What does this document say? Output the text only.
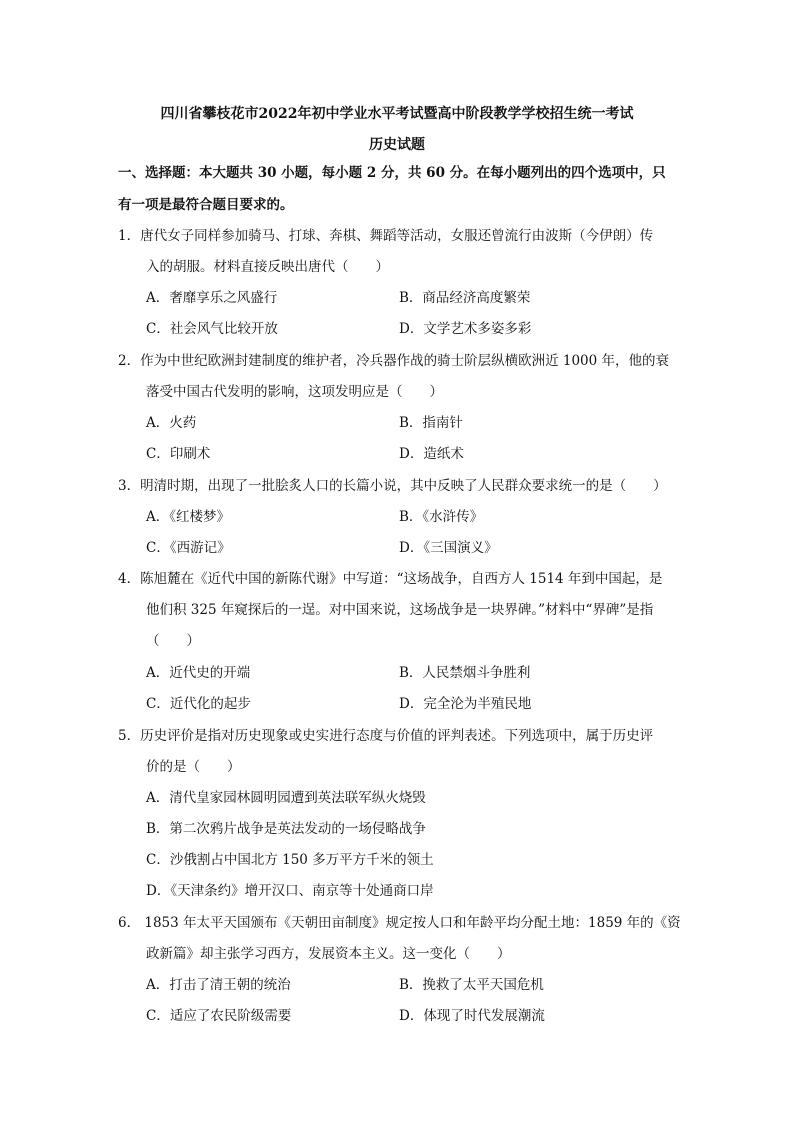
四川省攀枝花市2022年初中学业水平考试暨高中阶段教学学校招生统一考试
历史试题
一、选择题：本大题共 30 小题，每小题 2 分，共 60 分。在每小题列出的四个选项中，只
有一项是最符合题目要求的。
1．唐代女子同样参加骑马、打球、奔棋、舞蹈等活动，女服还曾流行由波斯（今伊朗）传
入的胡服。材料直接反映出唐代（　　）
A．奢靡享乐之风盛行	B．商品经济高度繁荣
C．社会风气比较开放	D．文学艺术多姿多彩
2．作为中世纪欧洲封建制度的维护者，冷兵器作战的骑士阶层纵横欧洲近 1000 年，他的衰
落受中国古代发明的影响，这项发明应是（　　）
A．火药	B．指南针
C．印刷术	D．造纸术
3．明清时期，出现了一批脍炙人口的长篇小说，其中反映了人民群众要求统一的是（　　）
A．《红楼梦》	B．《水浒传》
C．《西游记》	D．《三国演义》
4．陈旭麓在《近代中国的新陈代谢》中写道：“这场战争，自西方人 1514 年到中国起，是
他们积 325 年窥探后的一逞。对中国来说，这场战争是一块界碑。”材料中“界碑”是指
（　　）
A．近代史的开端	B．人民禁烟斗争胜利
C．近代化的起步	D．完全沦为半殖民地
5．历史评价是指对历史现象或史实进行态度与价值的评判表述。下列选项中，属于历史评
价的是（　　）
A．清代皇家园林圆明园遭到英法联军纵火烧毁
B．第二次鸦片战争是英法发动的一场侵略战争
C．沙俄割占中国北方 150 多万平方千米的领土
D．《天津条约》增开汉口、南京等十处通商口岸
6． 1853 年太平天国颁布《天朝田亩制度》规定按人口和年龄平均分配土地：1859 年的《资
政新篇》却主张学习西方，发展资本主义。这一变化（　　）
A．打击了清王朝的统治	B．挽救了太平天国危机
C．适应了农民阶级需要	D．体现了时代发展潮流
